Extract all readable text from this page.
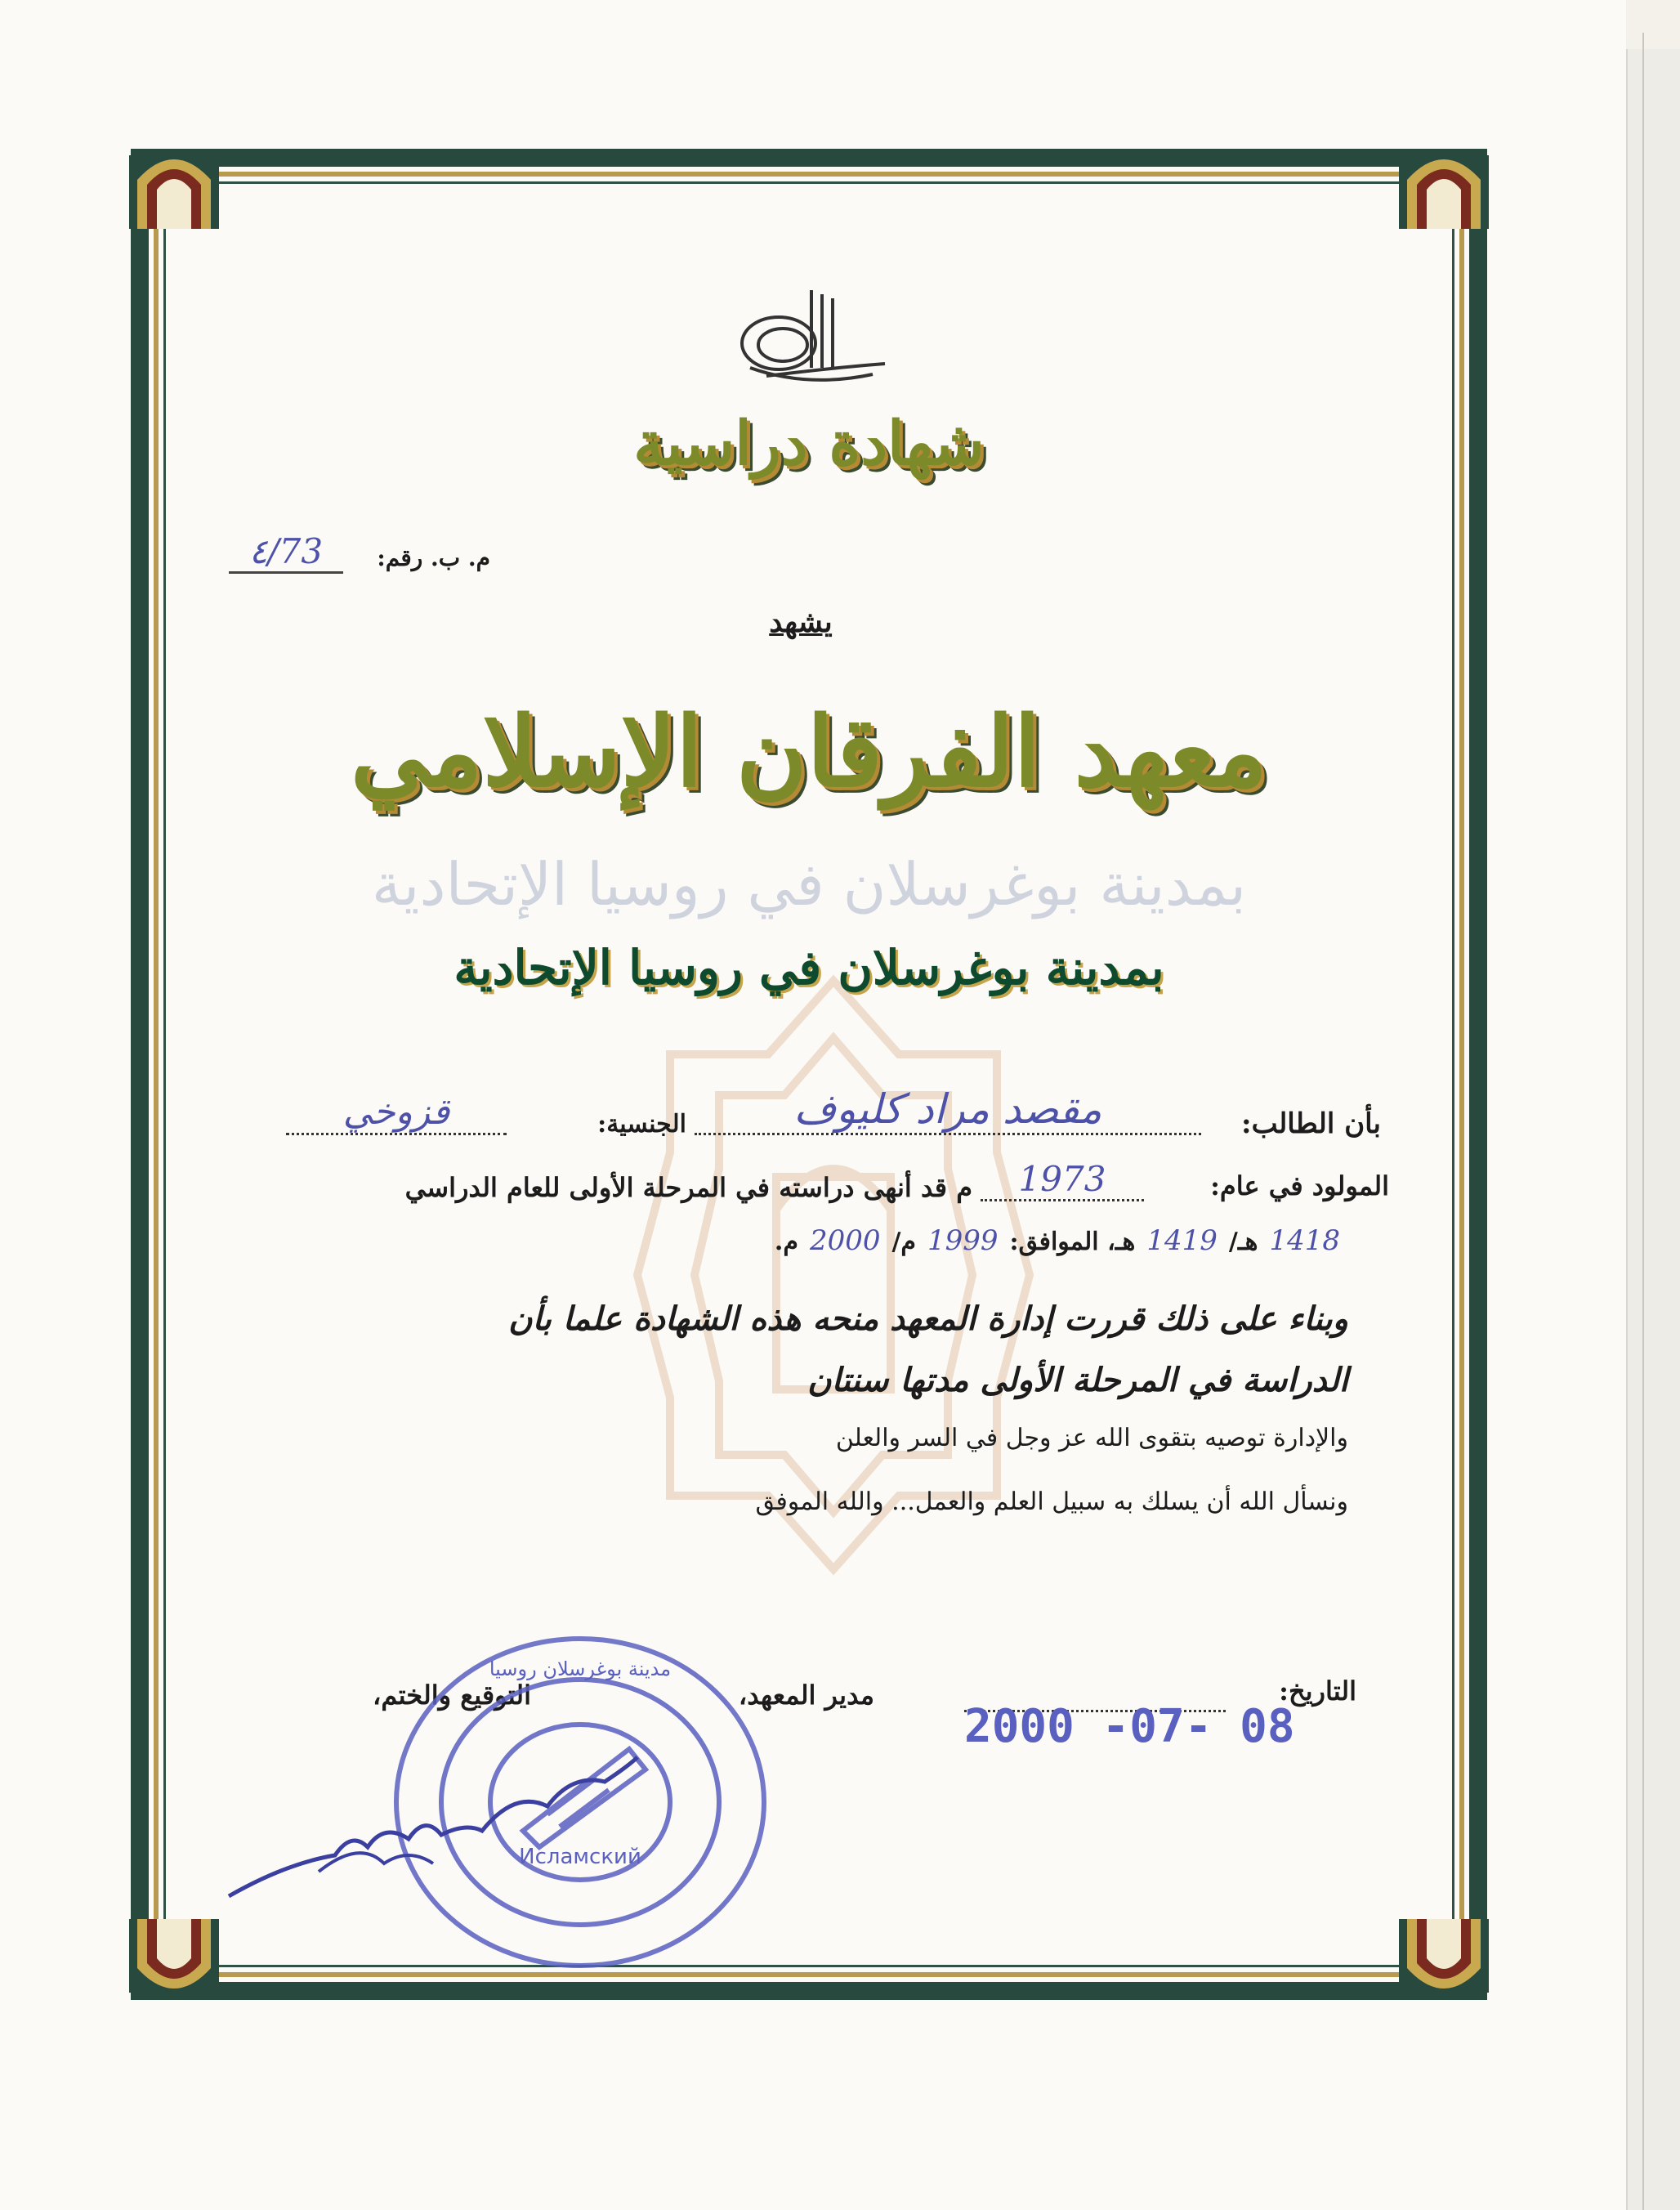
شهادة دراسية
م. ب. رقم:
٤/73
يشهد
معهد الفرقان الإسلامي
بمدينة بوغرسلان في روسيا الإتحادية
بمدينة بوغرسلان في روسيا الإتحادية
بأن الطالب:
مقصد مراد كليوف
الجنسية:
قزوخي
المولود في عام:
1973
م قد أنهى دراسته في المرحلة الأولى للعام الدراسي
1418
هـ/
1419
هـ، الموافق:
1999
م/
2000
م.
وبناء على ذلك قررت إدارة المعهد منحه هذه الشهادة علما بأن
الدراسة في المرحلة الأولى مدتها سنتان
والإدارة توصيه بتقوى الله عز وجل في السر والعلن
ونسأل الله أن يسلك به سبيل العلم والعمل... والله الموفق
التاريخ:
2000 -07- 08
مدير المعهد،
التوقيع والختم،
Исламский
مدينة بوغرسلان روسيا
